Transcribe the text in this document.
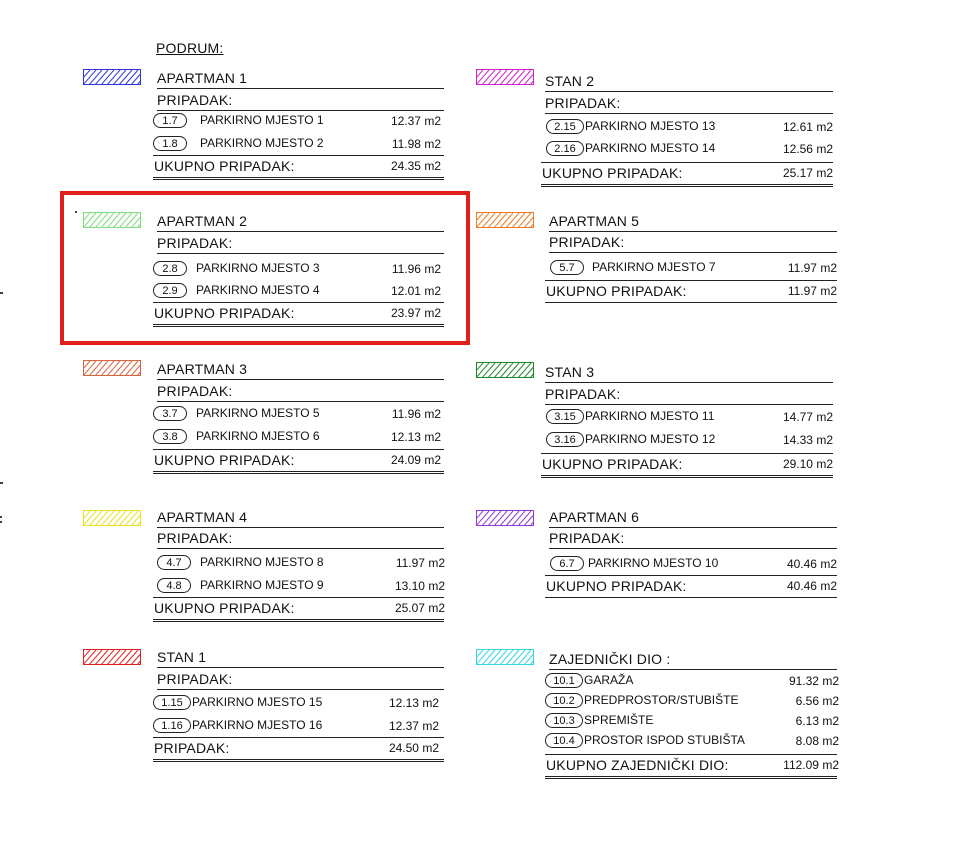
PODRUM:
APARTMAN 1
PRIPADAK:
1.7	PARKIRNO MJESTO 1	12.37 m2
1.8	PARKIRNO MJESTO 2	11.98 m2
UKUPNO PRIPADAK:	24.35 m2
STAN 2
PRIPADAK:
2.15 PARKIRNO MJESTO 13	12.61 m2
2.16 PARKIRNO MJESTO 14	12.56 m2
UKUPNO PRIPADAK:	25.17 m2
APARTMAN 2
PRIPADAK:
2.8	PARKIRNO MJESTO 3	11.96 m2
2.9	PARKIRNO MJESTO 4	12.01 m2
UKUPNO PRIPADAK:	23.97 m2
APARTMAN 5
PRIPADAK:
5.7	PARKIRNO MJESTO 7	11.97 m2
UKUPNO PRIPADAK:	11.97 m2
APARTMAN 3
PRIPADAK:
3.7	PARKIRNO MJESTO 5	11.96 m2
3.8	PARKIRNO MJESTO 6	12.13 m2
UKUPNO PRIPADAK:	24.09 m2
STAN 3
PRIPADAK:
3.15 PARKIRNO MJESTO 11	14.77 m2
3.16 PARKIRNO MJESTO 12	14.33 m2
UKUPNO PRIPADAK:	29.10 m2
APARTMAN 4
PRIPADAK:
4.7	PARKIRNO MJESTO 8	11.97 m2
4.8	PARKIRNO MJESTO 9	13.10 m2
UKUPNO PRIPADAK:	25.07 m2
APARTMAN 6
PRIPADAK:
6.7	PARKIRNO MJESTO 10	40.46 m2
UKUPNO PRIPADAK:	40.46 m2
STAN 1
PRIPADAK:
1.15 PARKIRNO MJESTO 15	12.13 m2
1.16 PARKIRNO MJESTO 16	12.37 m2
PRIPADAK:	24.50 m2
ZAJEDNIČKI DIO :
10.1 GARAŽA	91.32 m2
10.2 PREDPROSTOR/STUBIŠTE	6.56 m2
10.3 SPREMIŠTE	6.13 m2
10.4 PROSTOR ISPOD STUBIŠTA	8.08 m2
UKUPNO ZAJEDNIČKI DIO:	112.09 m2
